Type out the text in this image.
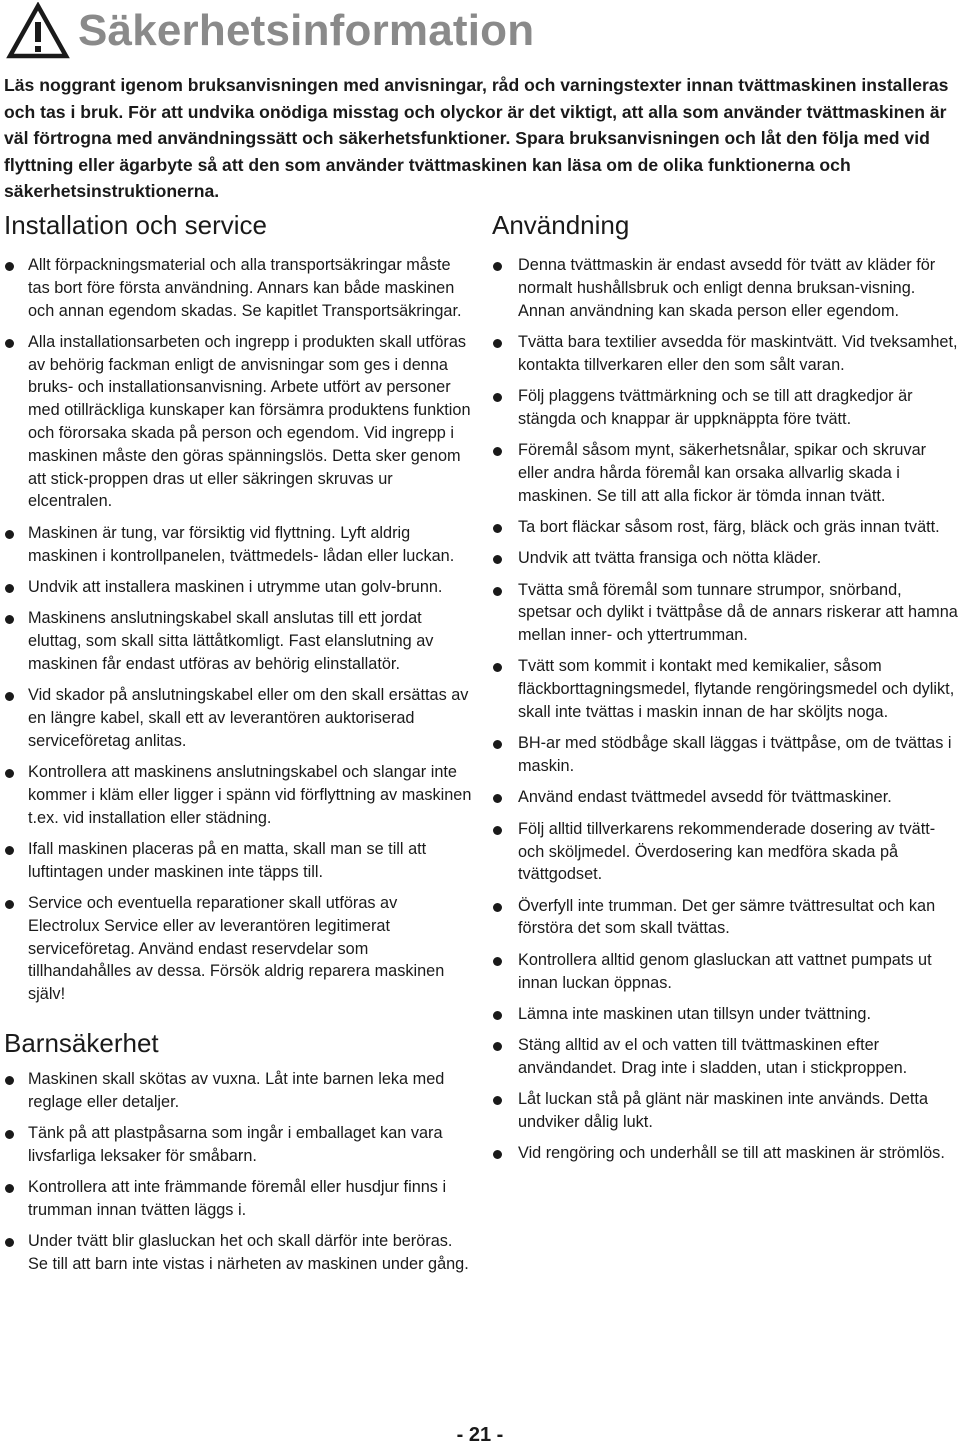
Säkerhetsinformation

Läs noggrant igenom bruksanvisningen med anvisningar, råd och varningstexter innan tvättmaskinen installeras och tas i bruk. För att undvika onödiga misstag och olyckor är det viktigt, att alla som använder tvättmaskinen är väl förtrogna med användningssätt och säkerhetsfunktioner. Spara bruksanvisningen och låt den följa med vid flyttning eller ägarbyte så att den som använder tvättmaskinen kan läsa om de olika funktionerna och säkerhetsinstruktionerna.

Installation och service
Allt förpackningsmaterial och alla transportsäkringar måste tas bort före första användning. Annars kan både maskinen och annan egendom skadas. Se kapitlet Transportsäkringar.
Alla installationsarbeten och ingrepp i produkten skall utföras av behörig fackman enligt de anvisningar som ges i denna bruks- och installationsanvisning. Arbete utfört av personer med otillräckliga kunskaper kan försämra produktens funktion och förorsaka skada på person och egendom. Vid ingrepp i maskinen måste den göras spänningslös. Detta sker genom att stick-proppen dras ut eller säkringen skruvas ur elcentralen.
Maskinen är tung, var försiktig vid flyttning. Lyft aldrig maskinen i kontrollpanelen, tvättmedels- lådan eller luckan.
Undvik att installera maskinen i utrymme utan golv-brunn.
Maskinens anslutningskabel skall anslutas till ett jordat eluttag, som skall sitta lättåtkomligt. Fast elanslutning av maskinen får endast utföras av behörig elinstallatör.
Vid skador på anslutningskabel eller om den skall ersättas av en längre kabel, skall ett av leverantören auktoriserad serviceföretag anlitas.
Kontrollera att maskinens anslutningskabel och slangar inte kommer i kläm eller ligger i spänn vid förflyttning av maskinen t.ex. vid installation eller städning.
Ifall maskinen placeras på en matta, skall man se till att luftintagen under maskinen inte täpps till.
Service och eventuella reparationer skall utföras av Electrolux Service eller av leverantören legitimerat serviceföretag. Använd endast reservdelar som tillhandahålles av dessa. Försök aldrig reparera maskinen själv!
Barnsäkerhet
Maskinen skall skötas av vuxna. Låt inte barnen leka med reglage eller detaljer.
Tänk på att plastpåsarna som ingår i emballaget kan vara livsfarliga leksaker för småbarn.
Kontrollera att inte främmande föremål eller husdjur finns i trumman innan tvätten läggs i.
Under tvätt blir glasluckan het och skall därför inte beröras. Se till att barn inte vistas i närheten av maskinen under gång.
Användning
Denna tvättmaskin är endast avsedd för tvätt av kläder för normalt hushållsbruk och enligt denna bruksan-visning. Annan användning kan skada person eller egendom.
Tvätta bara textilier avsedda för maskintvätt. Vid tveksamhet, kontakta tillverkaren eller den som sålt varan.
Följ plaggens tvättmärkning och se till att dragkedjor är stängda och knappar är uppknäppta före tvätt.
Föremål såsom mynt, säkerhetsnålar, spikar och skruvar eller andra hårda föremål kan orsaka allvarlig skada i maskinen. Se till att alla fickor är tömda innan tvätt.
Ta bort fläckar såsom rost, färg, bläck och gräs innan tvätt.
Undvik att tvätta fransiga och nötta kläder.
Tvätta små föremål som tunnare strumpor, snörband, spetsar och dylikt i tvättpåse då de annars riskerar att hamna mellan inner- och yttertrumman.
Tvätt som kommit i kontakt med kemikalier, såsom fläckborttagningsmedel, flytande rengöringsmedel och dylikt, skall inte tvättas i maskin innan de har sköljts noga.
BH-ar med stödbåge skall läggas i tvättpåse, om de tvättas i maskin.
Använd endast tvättmedel avsedd för tvättmaskiner.
Följ alltid tillverkarens rekommenderade dosering av tvätt- och sköljmedel. Överdosering kan medföra skada på tvättgodset.
Överfyll inte trumman. Det ger sämre tvättresultat och kan förstöra det som skall tvättas.
Kontrollera alltid genom glasluckan att vattnet pumpats ut innan luckan öppnas.
Lämna inte maskinen utan tillsyn under tvättning.
Stäng alltid av el och vatten till tvättmaskinen efter användandet. Drag inte i sladden, utan i stickproppen.
Låt luckan stå på glänt när maskinen inte används. Detta undviker dålig lukt.
Vid rengöring och underhåll se till att maskinen är strömlös.
- 21 -
